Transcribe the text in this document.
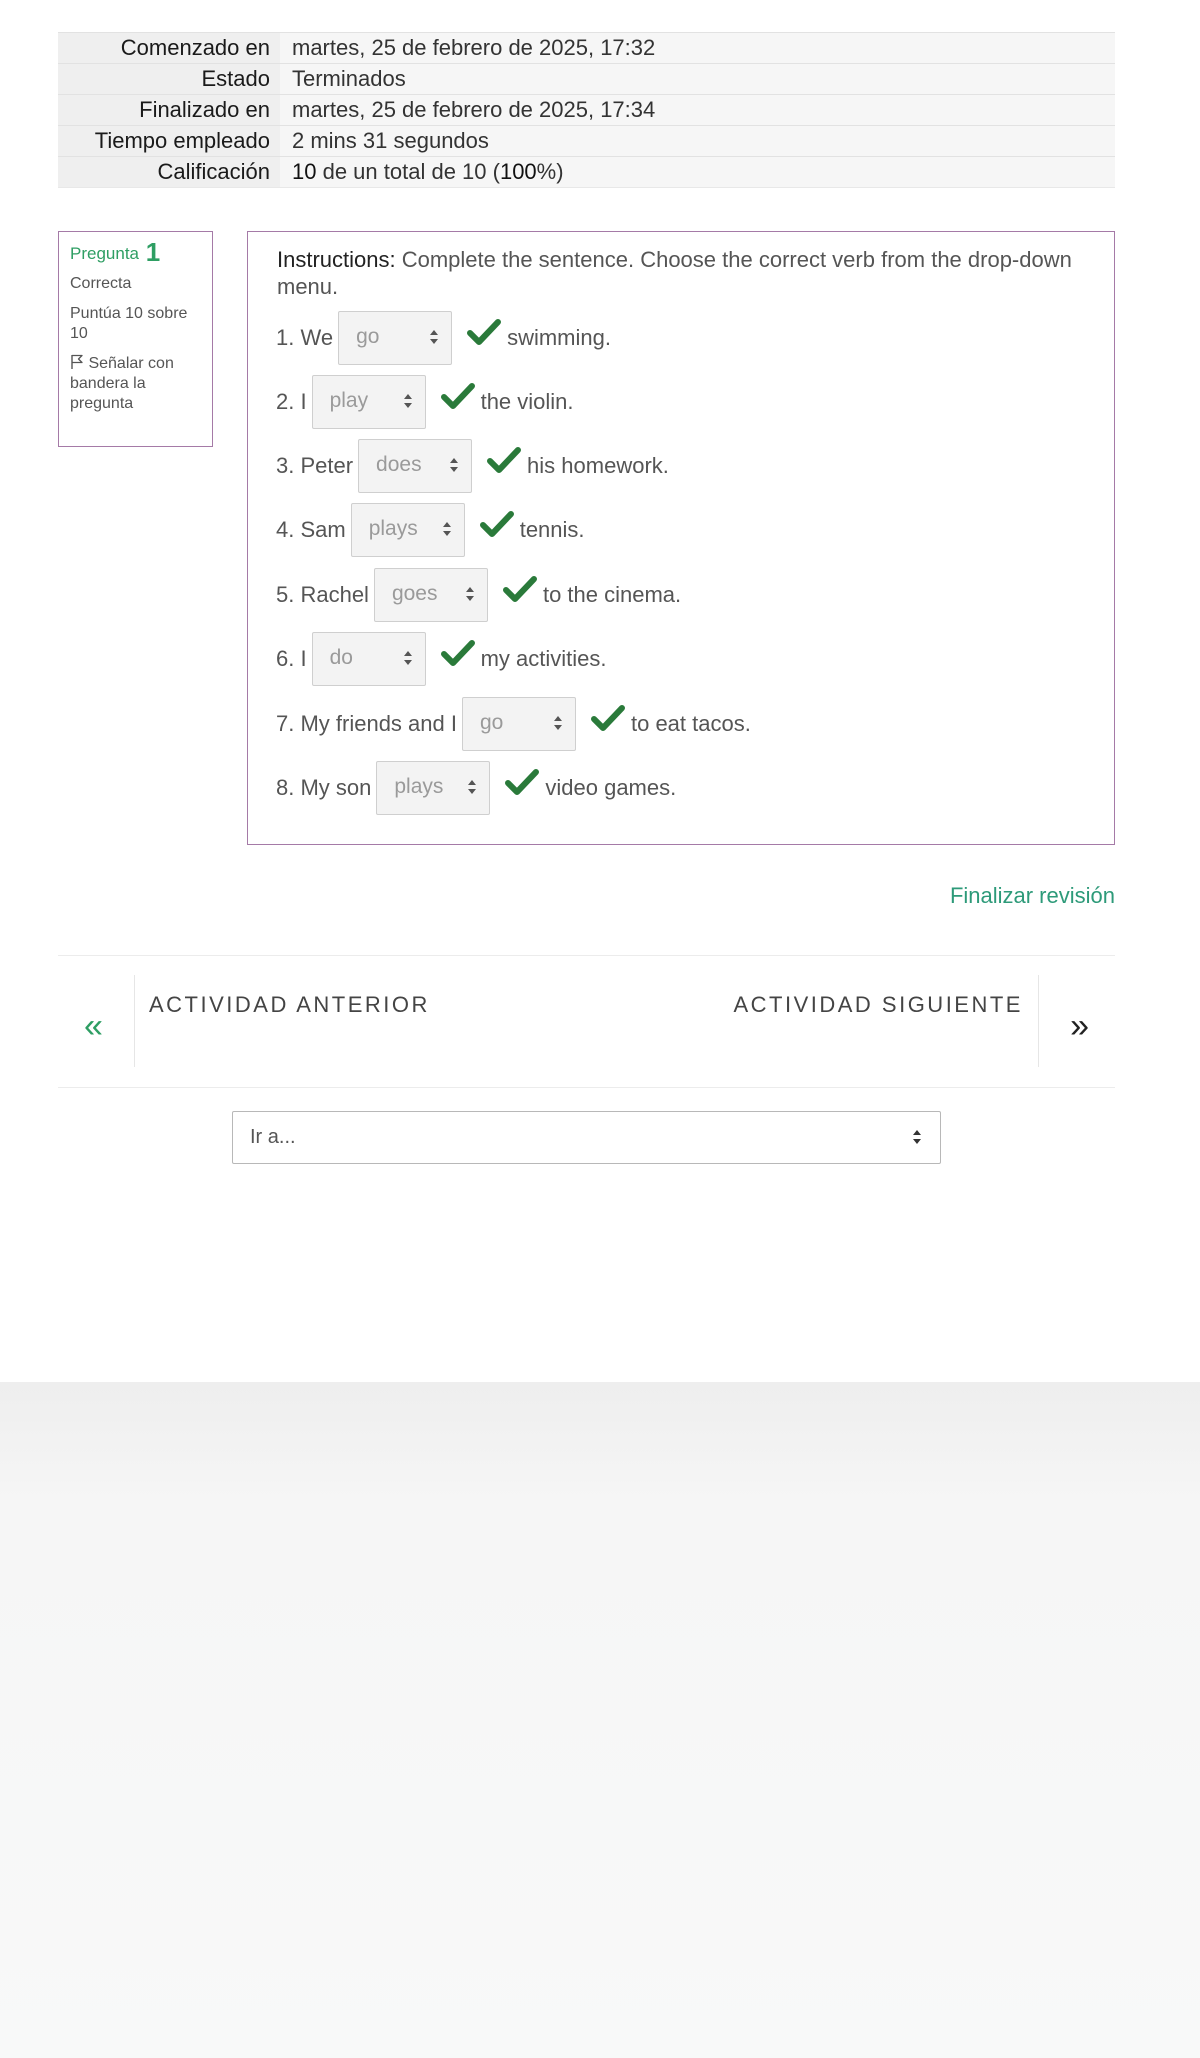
Comenzado en	martes, 25 de febrero de 2025, 17:32
Estado	Terminados
Finalizado en	martes, 25 de febrero de 2025, 17:34
Tiempo empleado	2 mins 31 segundos
Calificación	10 de un total de 10 (100%)
Pregunta 1
Correcta
Puntúa 10 sobre 10
Señalar con bandera la pregunta
Instructions: Complete the sentence. Choose the correct verb from the drop-down menu.
1. We	go	swimming.
2. I	play	the violin.
3. Peter	does	his homework.
4. Sam	plays	tennis.
5. Rachel	goes	to the cinema.
6. I	do	my activities.
7. My friends and I	go	to eat tacos.
8. My son	plays	video games.
Finalizar revisión
«
ACTIVIDAD ANTERIOR	ACTIVIDAD SIGUIENTE
»
Ir a...
